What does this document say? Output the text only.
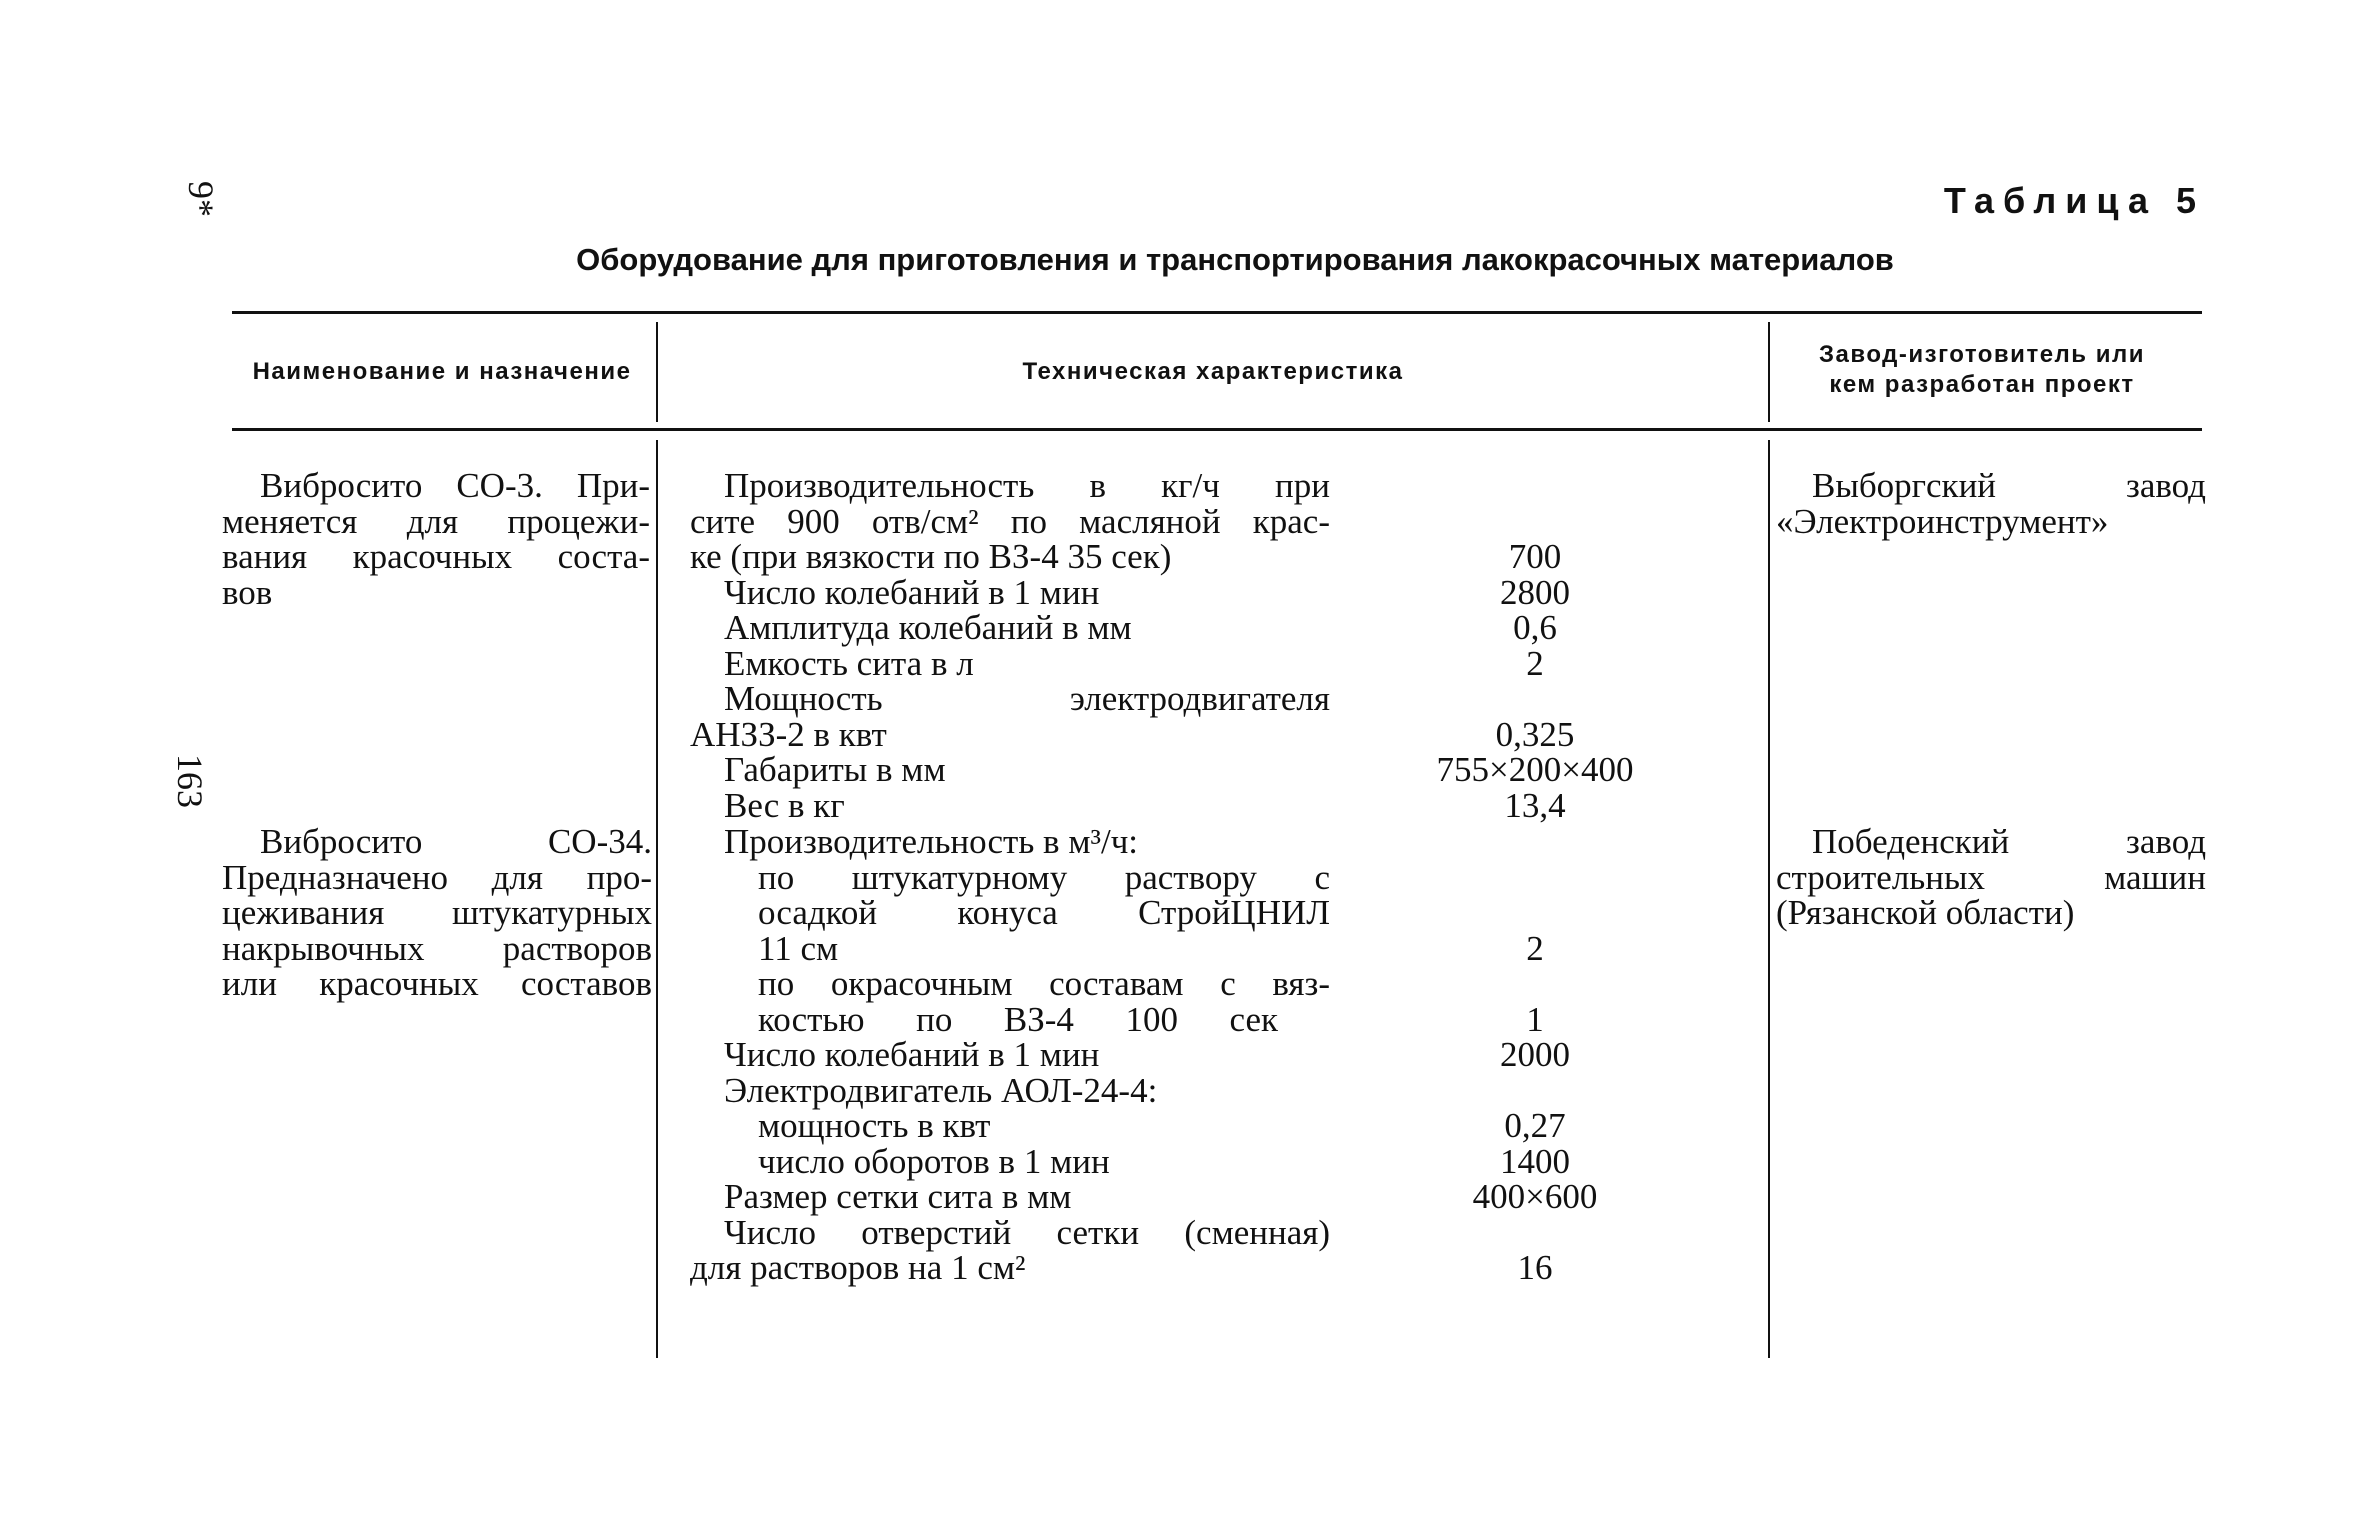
9*
163
Таблица 5
Оборудование для приготовления и транспортирования лакокрасочных материалов
Наименование и назначение	Техническая характеристика
Завод-изготовитель или
кем разработан проект
Вибросито СО-3. При-
меняется для процежи-
вания красочных соста-
вов
Вибросито СО-34.
Предназначено для про-
цеживания штукатурных
накрывочных растворов
или красочных составов
Производительность в кг/ч при
сите 900 отв/см² по масляной крас-
ке (при вязкости по ВЗ-4 35 сек)
Число колебаний в 1 мин
Амплитуда колебаний в мм
Емкость сита в л
Мощность электродвигателя
АНЗЗ-2 в квт
Габариты в мм
Вес в кг

700
2800
0,6
2

0,325
755×200×400
13,4
Производительность в м³/ч:
по штукатурному раствору с
осадкой конуса СтройЦНИЛ
11 см
по окрасочным составам с вяз-
костью по ВЗ-4 100 сек
Число колебаний в 1 мин
Электродвигатель АОЛ-24-4:
мощность в квт
число оборотов в 1 мин
Размер сетки сита в мм
Число отверстий сетки (сменная)
для растворов на 1 см²

2

1
2000

0,27
1400
400×600

16
Выборгский завод
«Электроинструмент»
Победенский завод
строительных машин
(Рязанской области)
